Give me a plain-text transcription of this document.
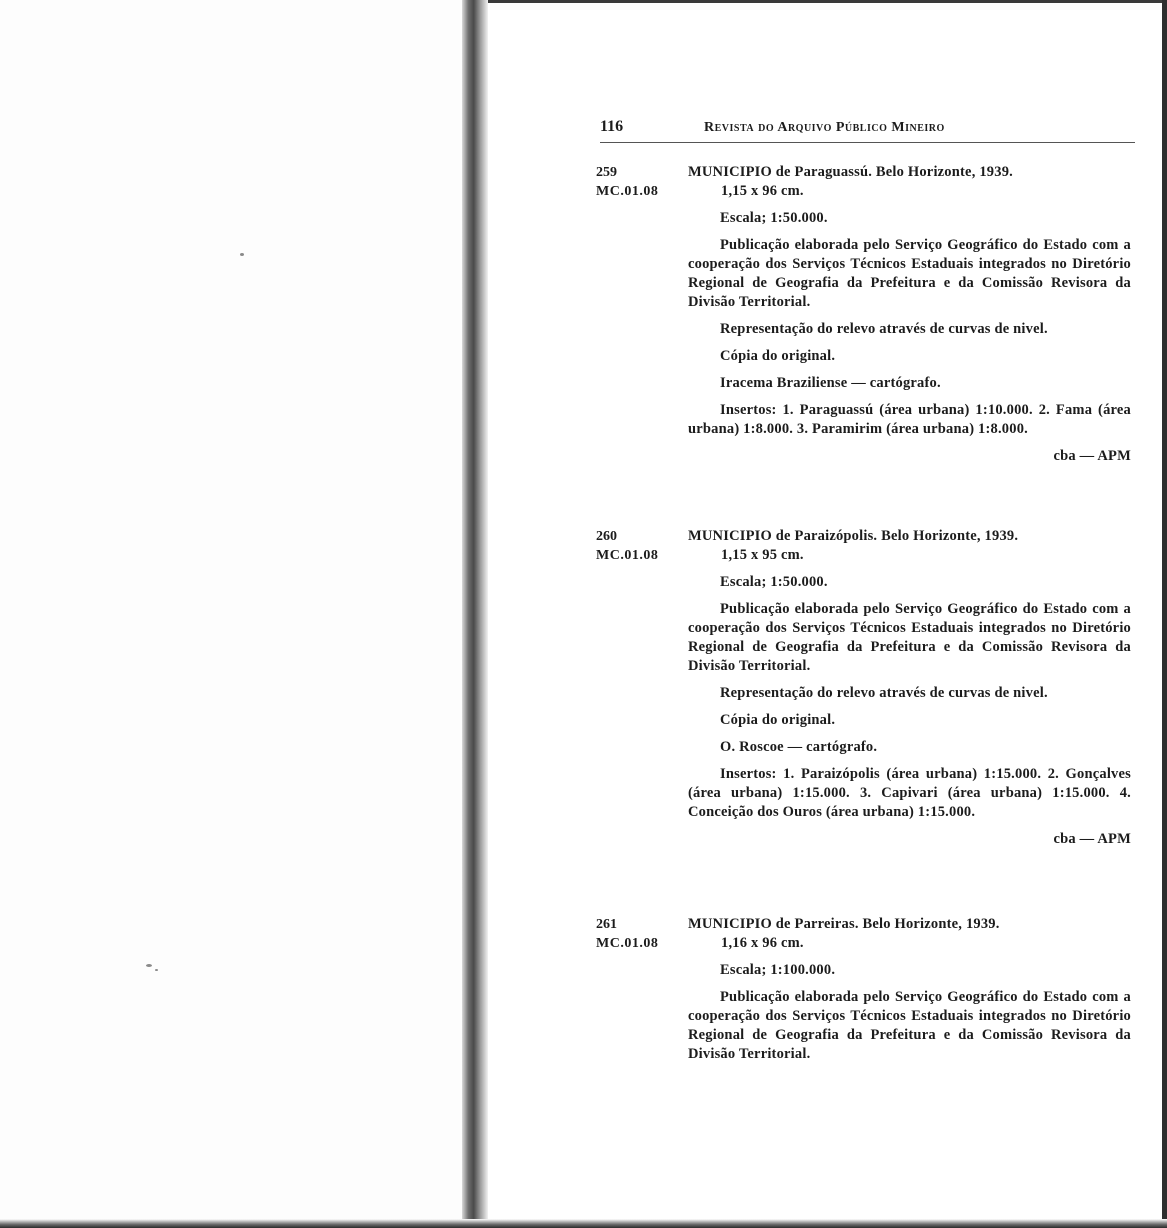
116	Revista do Arquivo Público Mineiro
259
MC.01.08

MUNICIPIO de Paraguassú. Belo Horizonte, 1939.
1,15 x 96 cm.

Escala; 1:50.000.

Publicação elaborada pelo Serviço Geográfico do Estado com a cooperação dos Serviços Técnicos Estaduais integrados no Diretório Regional de Geografia da Prefeitura e da Comissão Revisora da Divisão Territorial.

Representação do relevo através de curvas de nivel.

Cópia do original.

Iracema Braziliense — cartógrafo.

Insertos: 1. Paraguassú (área urbana) 1:10.000. 2. Fama (área urbana) 1:8.000. 3. Paramirim (área urbana) 1:8.000.

cba — APM

260
MC.01.08

MUNICIPIO de Paraizópolis. Belo Horizonte, 1939.
1,15 x 95 cm.

Escala; 1:50.000.

Publicação elaborada pelo Serviço Geográfico do Estado com a cooperação dos Serviços Técnicos Estaduais integrados no Diretório Regional de Geografia da Prefeitura e da Comissão Revisora da Divisão Territorial.

Representação do relevo através de curvas de nivel.

Cópia do original.

O. Roscoe — cartógrafo.

Insertos: 1. Paraizópolis (área urbana) 1:15.000. 2. Gonçalves (área urbana) 1:15.000. 3. Capivari (área urbana) 1:15.000. 4. Conceição dos Ouros (área urbana) 1:15.000.

cba — APM

261
MC.01.08

MUNICIPIO de Parreiras. Belo Horizonte, 1939.
1,16 x 96 cm.

Escala; 1:100.000.

Publicação elaborada pelo Serviço Geográfico do Estado com a cooperação dos Serviços Técnicos Estaduais integrados no Diretório Regional de Geografia da Prefeitura e da Comissão Revisora da Divisão Territorial.
